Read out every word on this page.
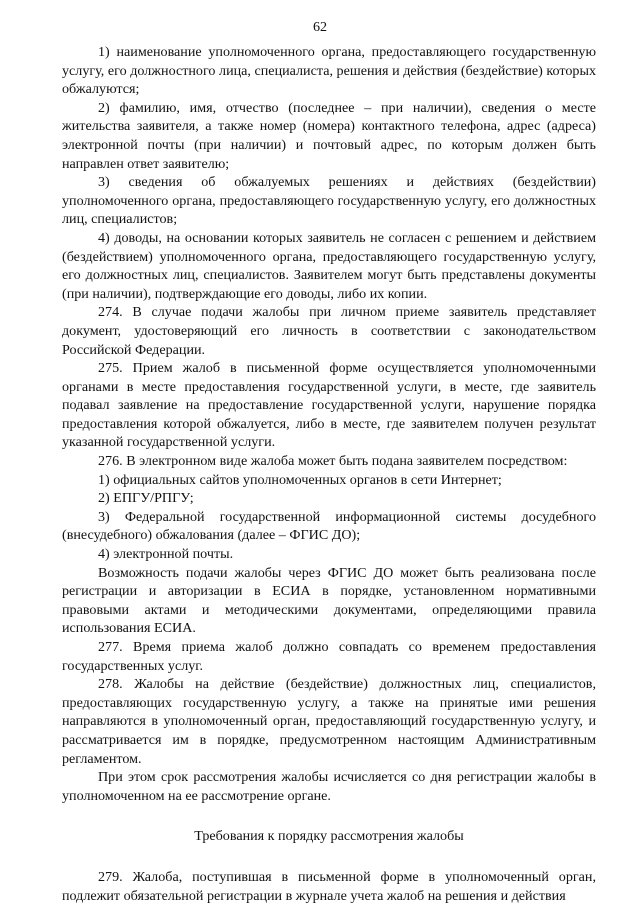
62

1) наименование уполномоченного органа, предоставляющего государственную услугу, его должностного лица, специалиста, решения и действия (бездействие) которых обжалуются;

2) фамилию, имя, отчество (последнее – при наличии), сведения о месте жительства заявителя, а также номер (номера) контактного телефона, адрес (адреса) электронной почты (при наличии) и почтовый адрес, по которым должен быть направлен ответ заявителю;

3) сведения об обжалуемых решениях и действиях (бездействии) уполномоченного органа, предоставляющего государственную услугу, его должностных лиц, специалистов;

4) доводы, на основании которых заявитель не согласен с решением и действием (бездействием) уполномоченного органа, предоставляющего государственную услугу, его должностных лиц, специалистов. Заявителем могут быть представлены документы (при наличии), подтверждающие его доводы, либо их копии.

274. В случае подачи жалобы при личном приеме заявитель представляет документ, удостоверяющий его личность в соответствии с законодательством Российской Федерации.

275. Прием жалоб в письменной форме осуществляется уполномоченными органами в месте предоставления государственной услуги, в месте, где заявитель подавал заявление на предоставление государственной услуги, нарушение порядка предоставления которой обжалуется, либо в месте, где заявителем получен результат указанной государственной услуги.

276. В электронном виде жалоба может быть подана заявителем посредством:

1) официальных сайтов уполномоченных органов в сети Интернет;

2) ЕПГУ/РПГУ;

3) Федеральной государственной информационной системы досудебного (внесудебного) обжалования (далее – ФГИС ДО);

4) электронной почты.

Возможность подачи жалобы через ФГИС ДО может быть реализована после регистрации и авторизации в ЕСИА в порядке, установленном нормативными правовыми актами и методическими документами, определяющими правила использования ЕСИА.

277. Время приема жалоб должно совпадать со временем предоставления государственных услуг.

278. Жалобы на действие (бездействие) должностных лиц, специалистов, предоставляющих государственную услугу, а также на принятые ими решения направляются в уполномоченный орган, предоставляющий государственную услугу, и рассматривается им в порядке, предусмотренном настоящим Административным регламентом.

При этом срок рассмотрения жалобы исчисляется со дня регистрации жалобы в уполномоченном на ее рассмотрение органе.

Требования к порядку рассмотрения жалобы

279. Жалоба, поступившая в письменной форме в уполномоченный орган, подлежит обязательной регистрации в журнале учета жалоб на решения и действия
